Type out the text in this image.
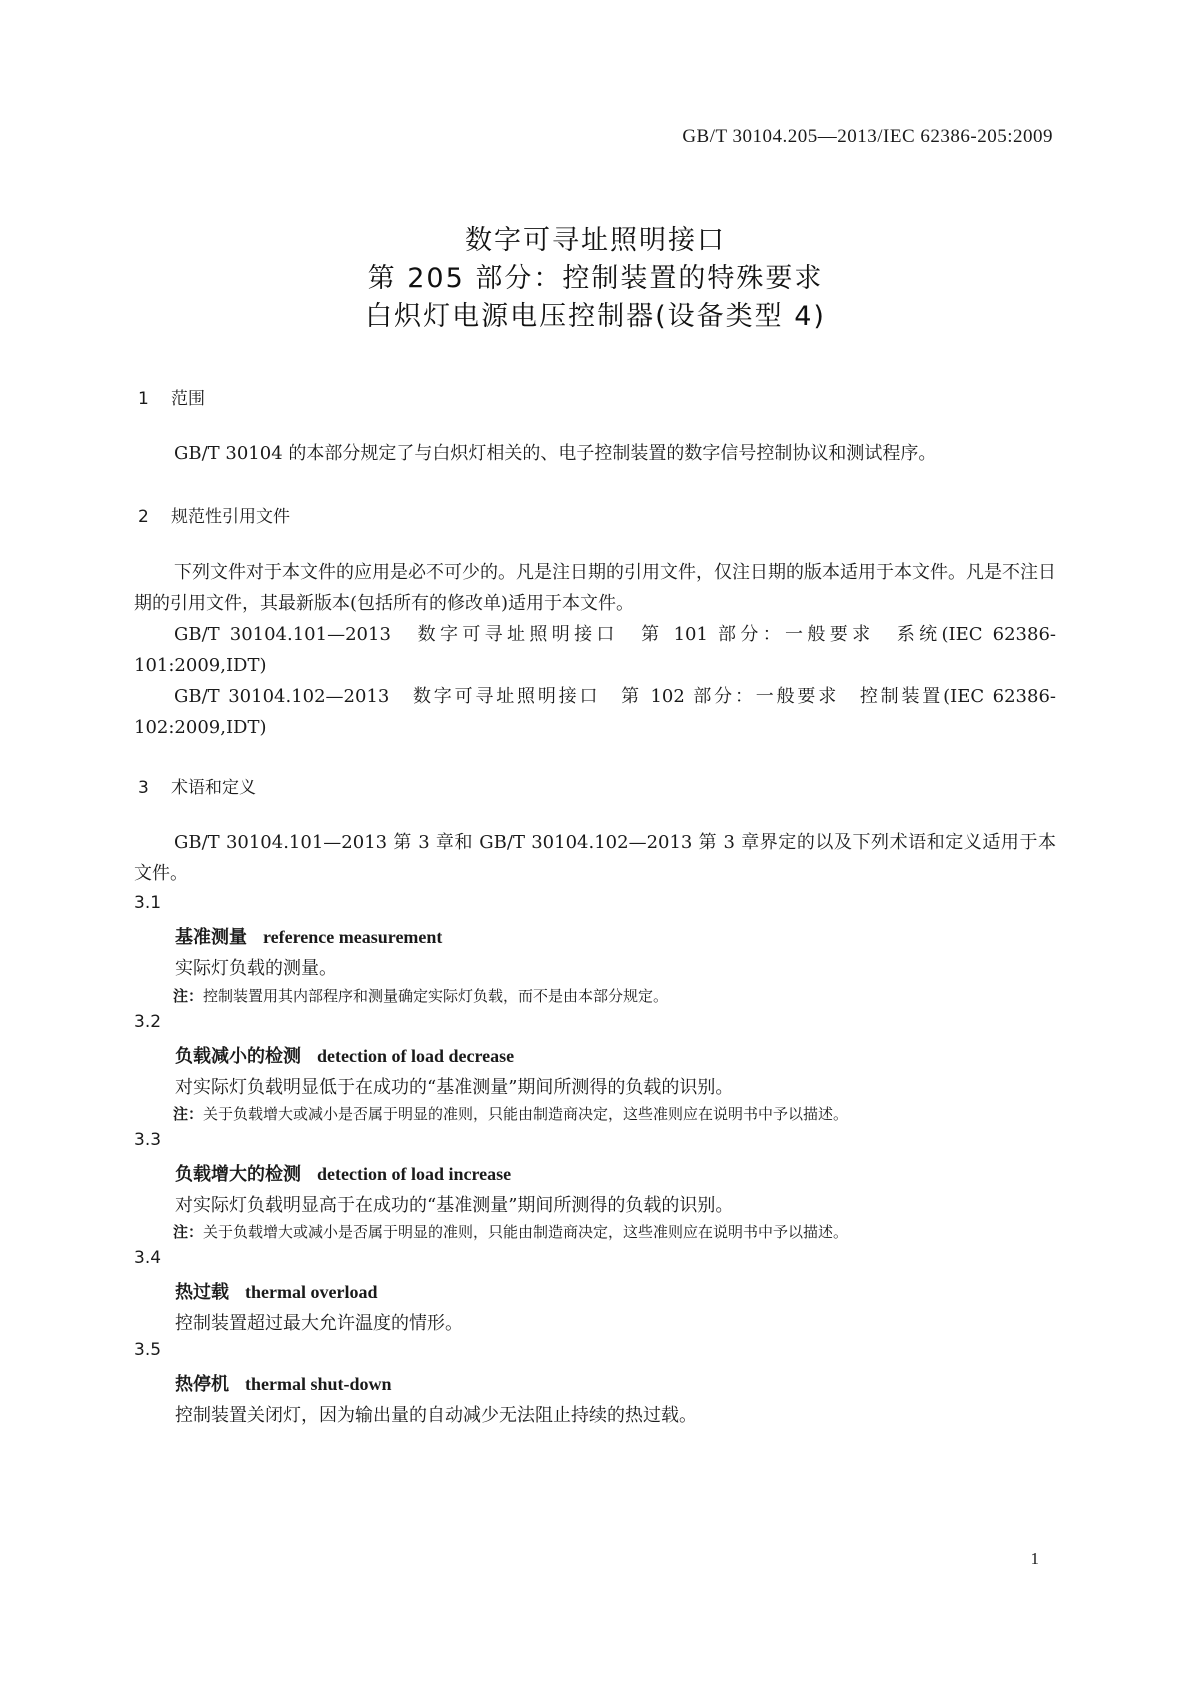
GB/T 30104.205—2013/IEC 62386-205:2009
数字可寻址照明接口
第 205 部分：控制装置的特殊要求
白炽灯电源电压控制器(设备类型 4)
1 范围
GB/T 30104 的本部分规定了与白炽灯相关的、电子控制装置的数字信号控制协议和测试程序。
2 规范性引用文件
下列文件对于本文件的应用是必不可少的。凡是注日期的引用文件，仅注日期的版本适用于本文件。凡是不注日期的引用文件，其最新版本(包括所有的修改单)适用于本文件。
GB/T 30104.101—2013　数字可寻址照明接口　第 101 部分：一般要求　系统(IEC 62386-101:2009,IDT)
GB/T 30104.102—2013　数字可寻址照明接口　第 102 部分：一般要求　控制装置(IEC 62386-102:2009,IDT)
3 术语和定义
GB/T 30104.101—2013 第 3 章和 GB/T 30104.102—2013 第 3 章界定的以及下列术语和定义适用于本文件。
3.1
基准测量 reference measurement
实际灯负载的测量。
注：控制装置用其内部程序和测量确定实际灯负载，而不是由本部分规定。
3.2
负载减小的检测 detection of load decrease
对实际灯负载明显低于在成功的“基准测量”期间所测得的负载的识别。
注：关于负载增大或减小是否属于明显的准则，只能由制造商决定，这些准则应在说明书中予以描述。
3.3
负载增大的检测 detection of load increase
对实际灯负载明显高于在成功的“基准测量”期间所测得的负载的识别。
注：关于负载增大或减小是否属于明显的准则，只能由制造商决定，这些准则应在说明书中予以描述。
3.4
热过载 thermal overload
控制装置超过最大允许温度的情形。
3.5
热停机 thermal shut-down
控制装置关闭灯，因为输出量的自动减少无法阻止持续的热过载。
1
